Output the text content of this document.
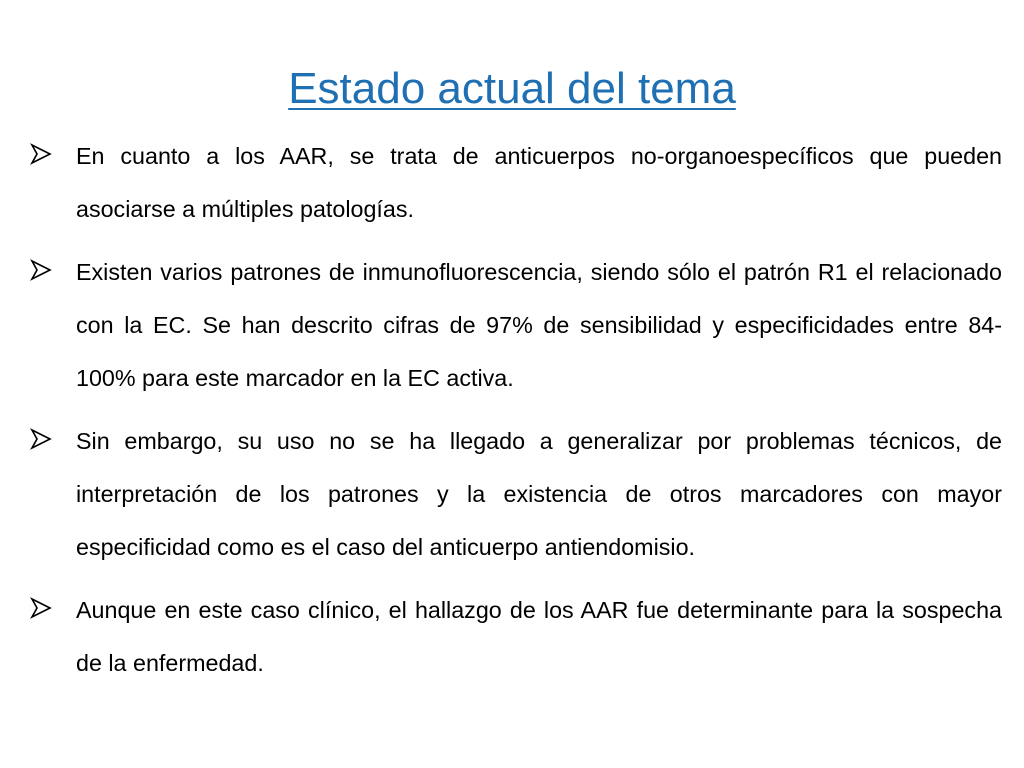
Estado actual del tema
En cuanto a los AAR, se trata de anticuerpos no-organoespecíficos que pueden asociarse a múltiples patologías.
Existen varios patrones de inmunofluorescencia, siendo sólo el patrón R1 el relacionado con la EC. Se han descrito cifras de 97% de sensibilidad y especificidades entre 84-100% para este marcador en la EC activa.
Sin embargo, su uso no se ha llegado a generalizar por problemas técnicos, de interpretación de los patrones y la existencia de otros marcadores con mayor especificidad como es el caso del anticuerpo antiendomisio.
Aunque en este caso clínico, el hallazgo de los AAR fue determinante para la sospecha de la enfermedad.
